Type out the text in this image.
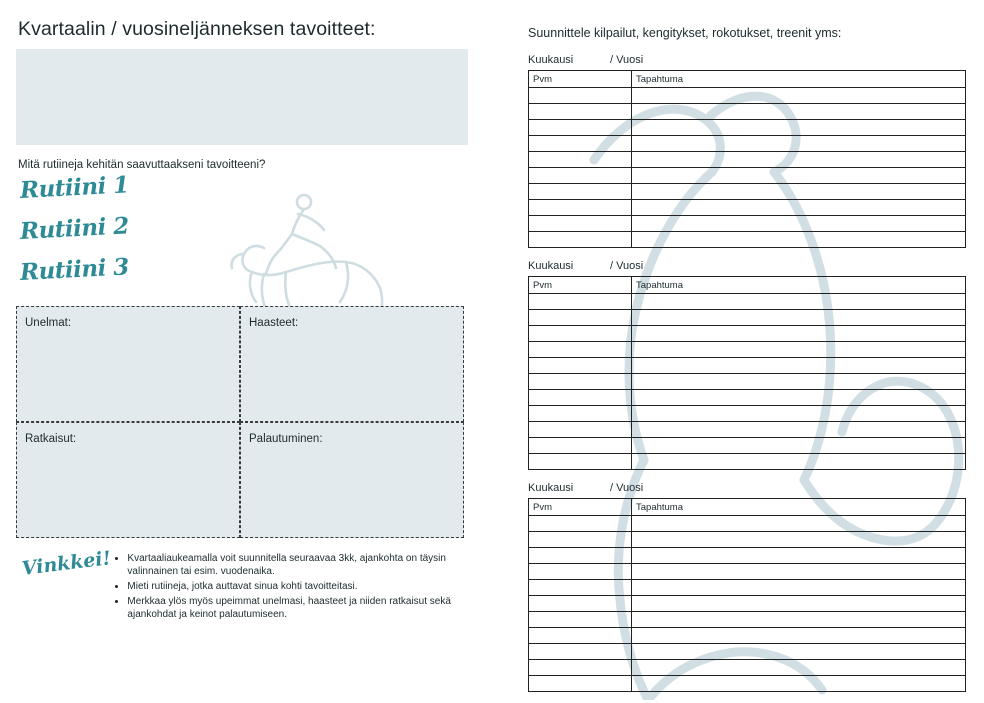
Kvartaalin / vuosineljänneksen tavoitteet:

Mitä rutiineja kehitän saavuttaakseni tavoitteeni?

Rutiini 1
Rutiini 2
Rutiini 3
Unelmat:	Haasteet:
Ratkaisut:	Palautuminen:
Vinkkei! • Kvartaaliaukeamalla voit suunnitella seuraavaa 3kk, ajankohta on täysin valinnainen tai esim. vuodenaika.
• Mieti rutiineja, jotka auttavat sinua kohti tavoitteitasi.
• Merkkaa ylös myös upeimmat unelmasi, haasteet ja niiden ratkaisut sekä ajankohdat ja keinot palautumiseen.

Suunnittele kilpailut, kengitykset, rokotukset, treenit yms:

Kuukausi	/ Vuosi
Pvm	Tapahtuma

Kuukausi	/ Vuosi
Pvm	Tapahtuma

Kuukausi	/ Vuosi
Pvm	Tapahtuma
